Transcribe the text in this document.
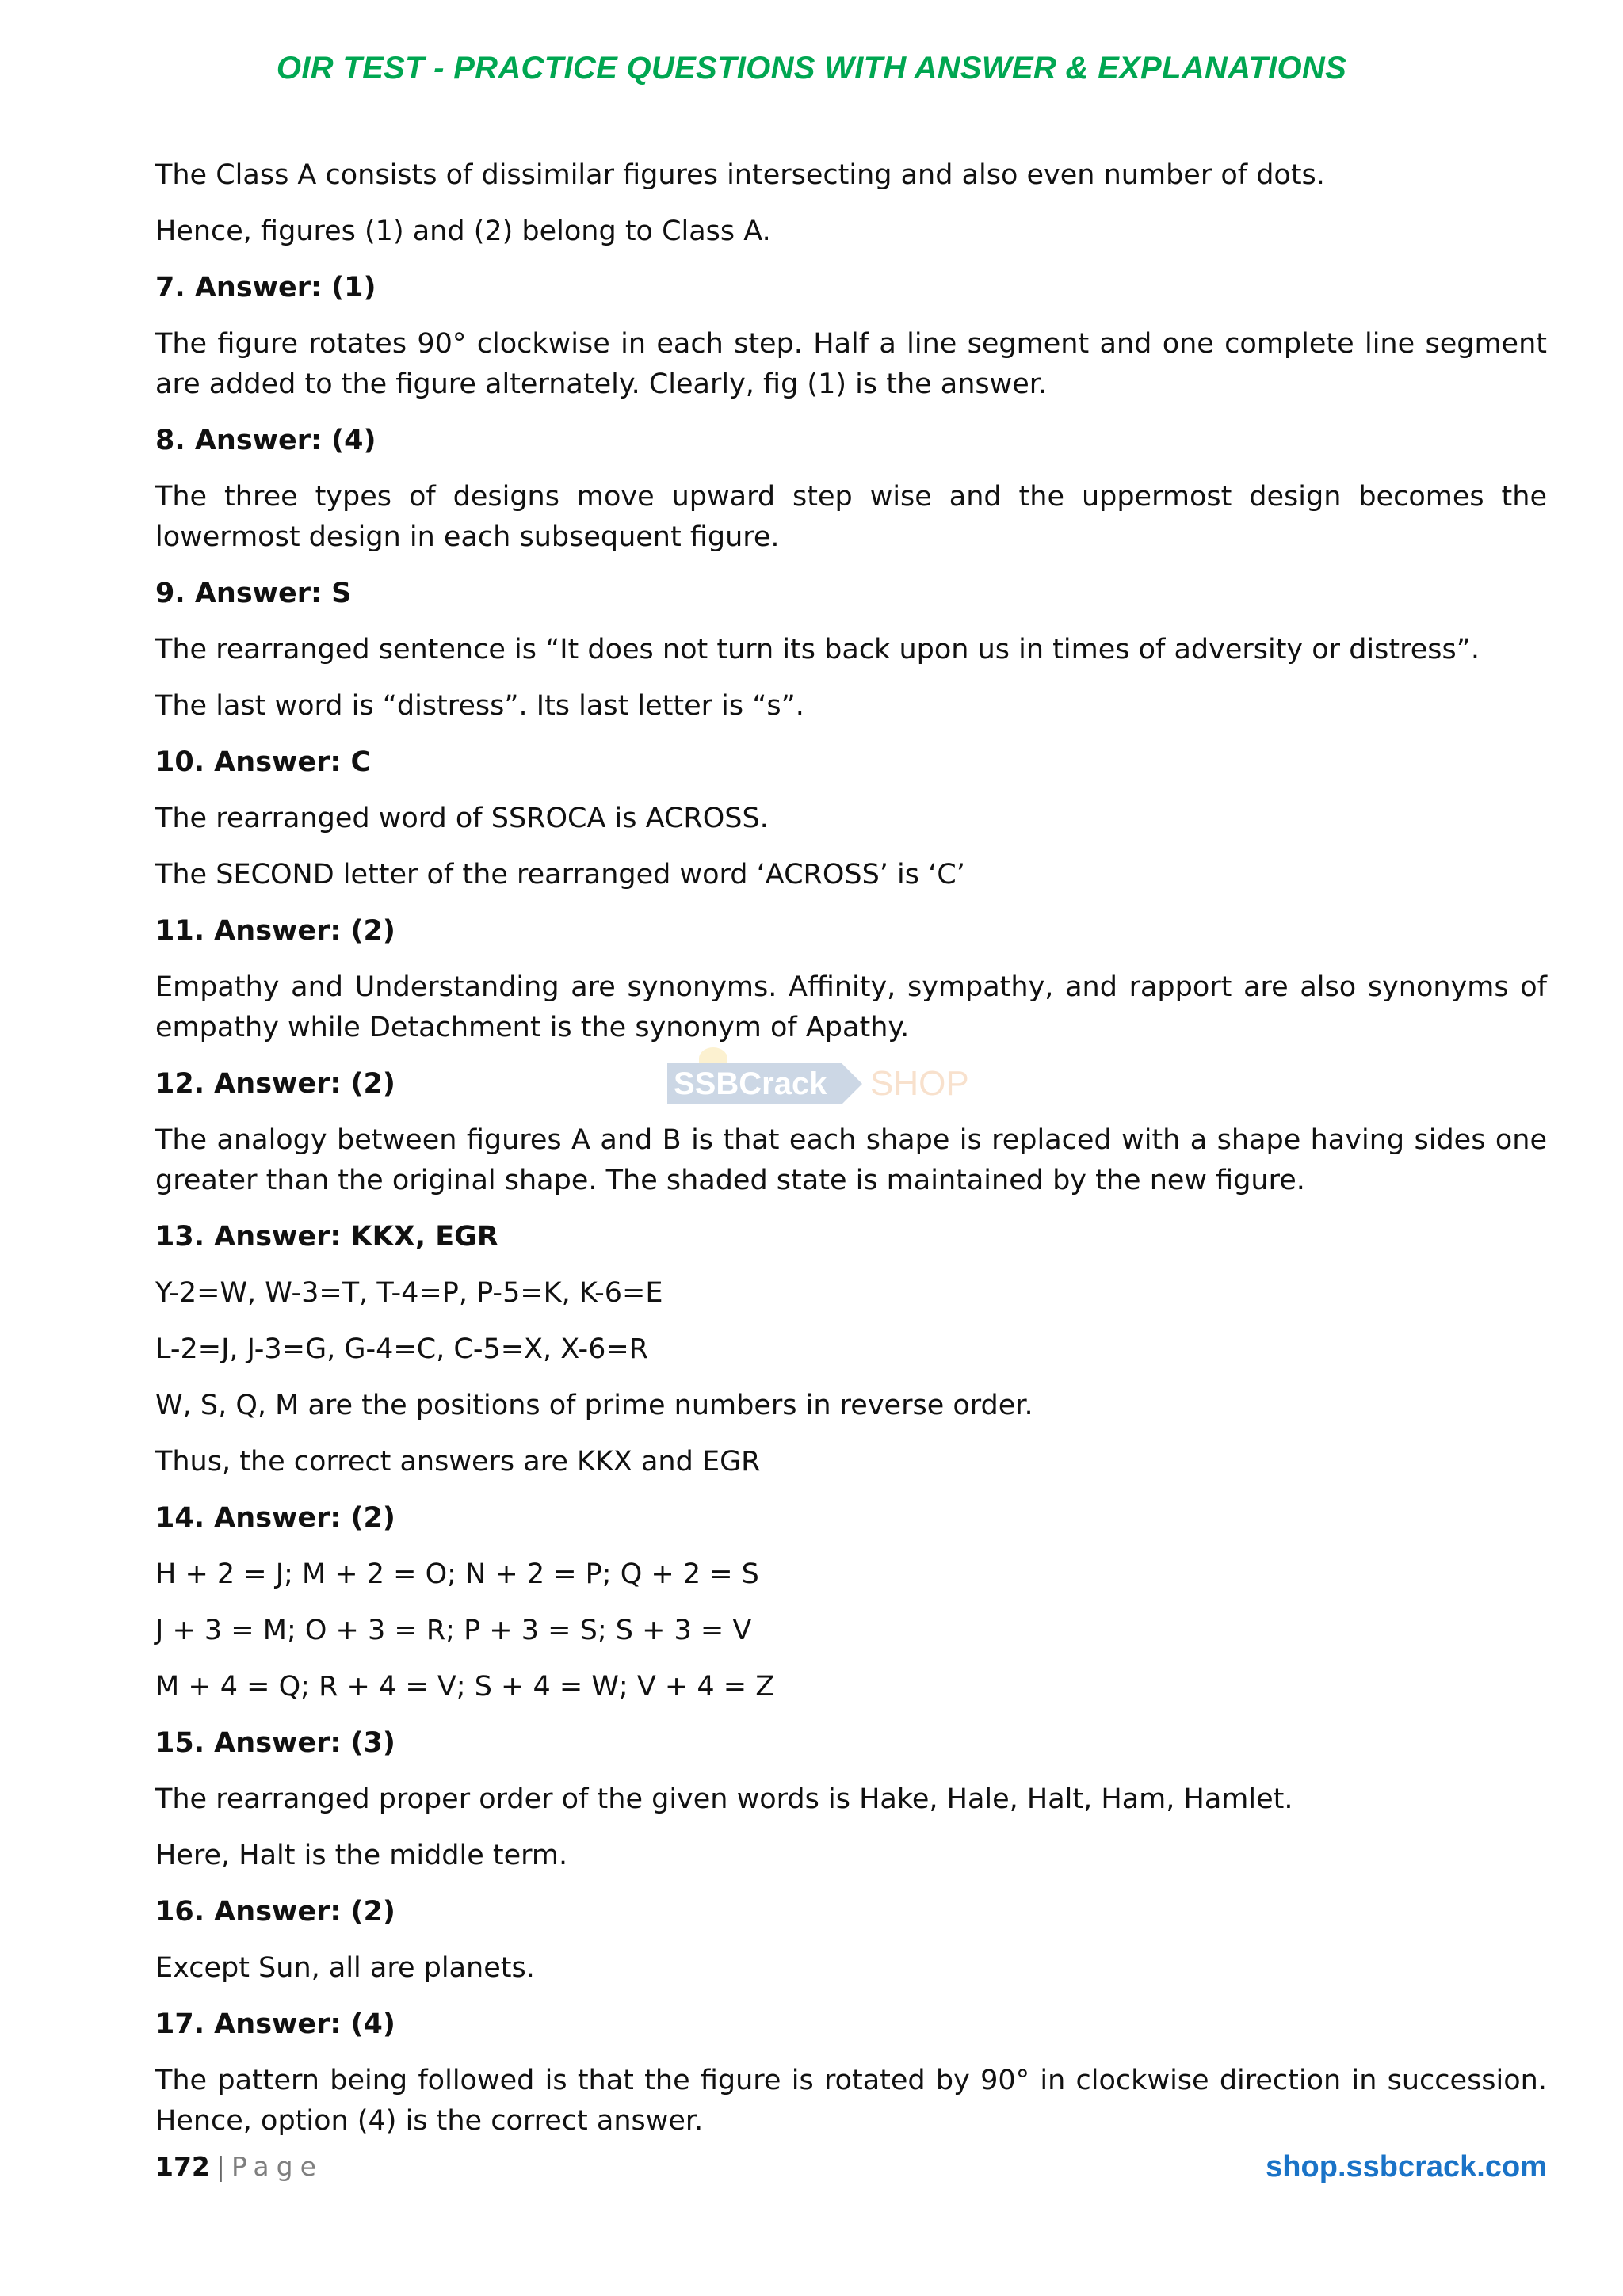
OIR TEST - PRACTICE QUESTIONS WITH ANSWER & EXPLANATIONS

The Class A consists of dissimilar figures intersecting and also even number of dots.

Hence, figures (1) and (2) belong to Class A.

7. Answer: (1)

The figure rotates 90° clockwise in each step. Half a line segment and one complete line segment are added to the figure alternately. Clearly, fig (1) is the answer.

8. Answer: (4)

The three types of designs move upward step wise and the uppermost design becomes the lowermost design in each subsequent figure.

9. Answer: S

The rearranged sentence is “It does not turn its back upon us in times of adversity or distress”.

The last word is “distress”. Its last letter is “s”.

10. Answer: C

The rearranged word of SSROCA is ACROSS.

The SECOND letter of the rearranged word ‘ACROSS’ is ‘C’

11. Answer: (2)

Empathy and Understanding are synonyms. Affinity, sympathy, and rapport are also synonyms of empathy while Detachment is the synonym of Apathy.

12. Answer: (2)

The analogy between figures A and B is that each shape is replaced with a shape having sides one greater than the original shape. The shaded state is maintained by the new figure.

13. Answer: KKX, EGR

Y-2=W, W-3=T, T-4=P, P-5=K, K-6=E

L-2=J, J-3=G, G-4=C, C-5=X, X-6=R

W, S, Q, M are the positions of prime numbers in reverse order.

Thus, the correct answers are KKX and EGR

14. Answer: (2)

H + 2 = J; M + 2 = O; N + 2 = P; Q + 2 = S

J + 3 = M; O + 3 = R; P + 3 = S; S + 3 = V

M + 4 = Q; R + 4 = V; S + 4 = W; V + 4 = Z

15. Answer: (3)

The rearranged proper order of the given words is Hake, Hale, Halt, Ham, Hamlet.

Here, Halt is the middle term.

16. Answer: (2)

Except Sun, all are planets.

17. Answer: (4)

The pattern being followed is that the figure is rotated by 90° in clockwise direction in succession. Hence, option (4) is the correct answer.

SSBCrack	SHOP
172 | Page	shop.ssbcrack.com
